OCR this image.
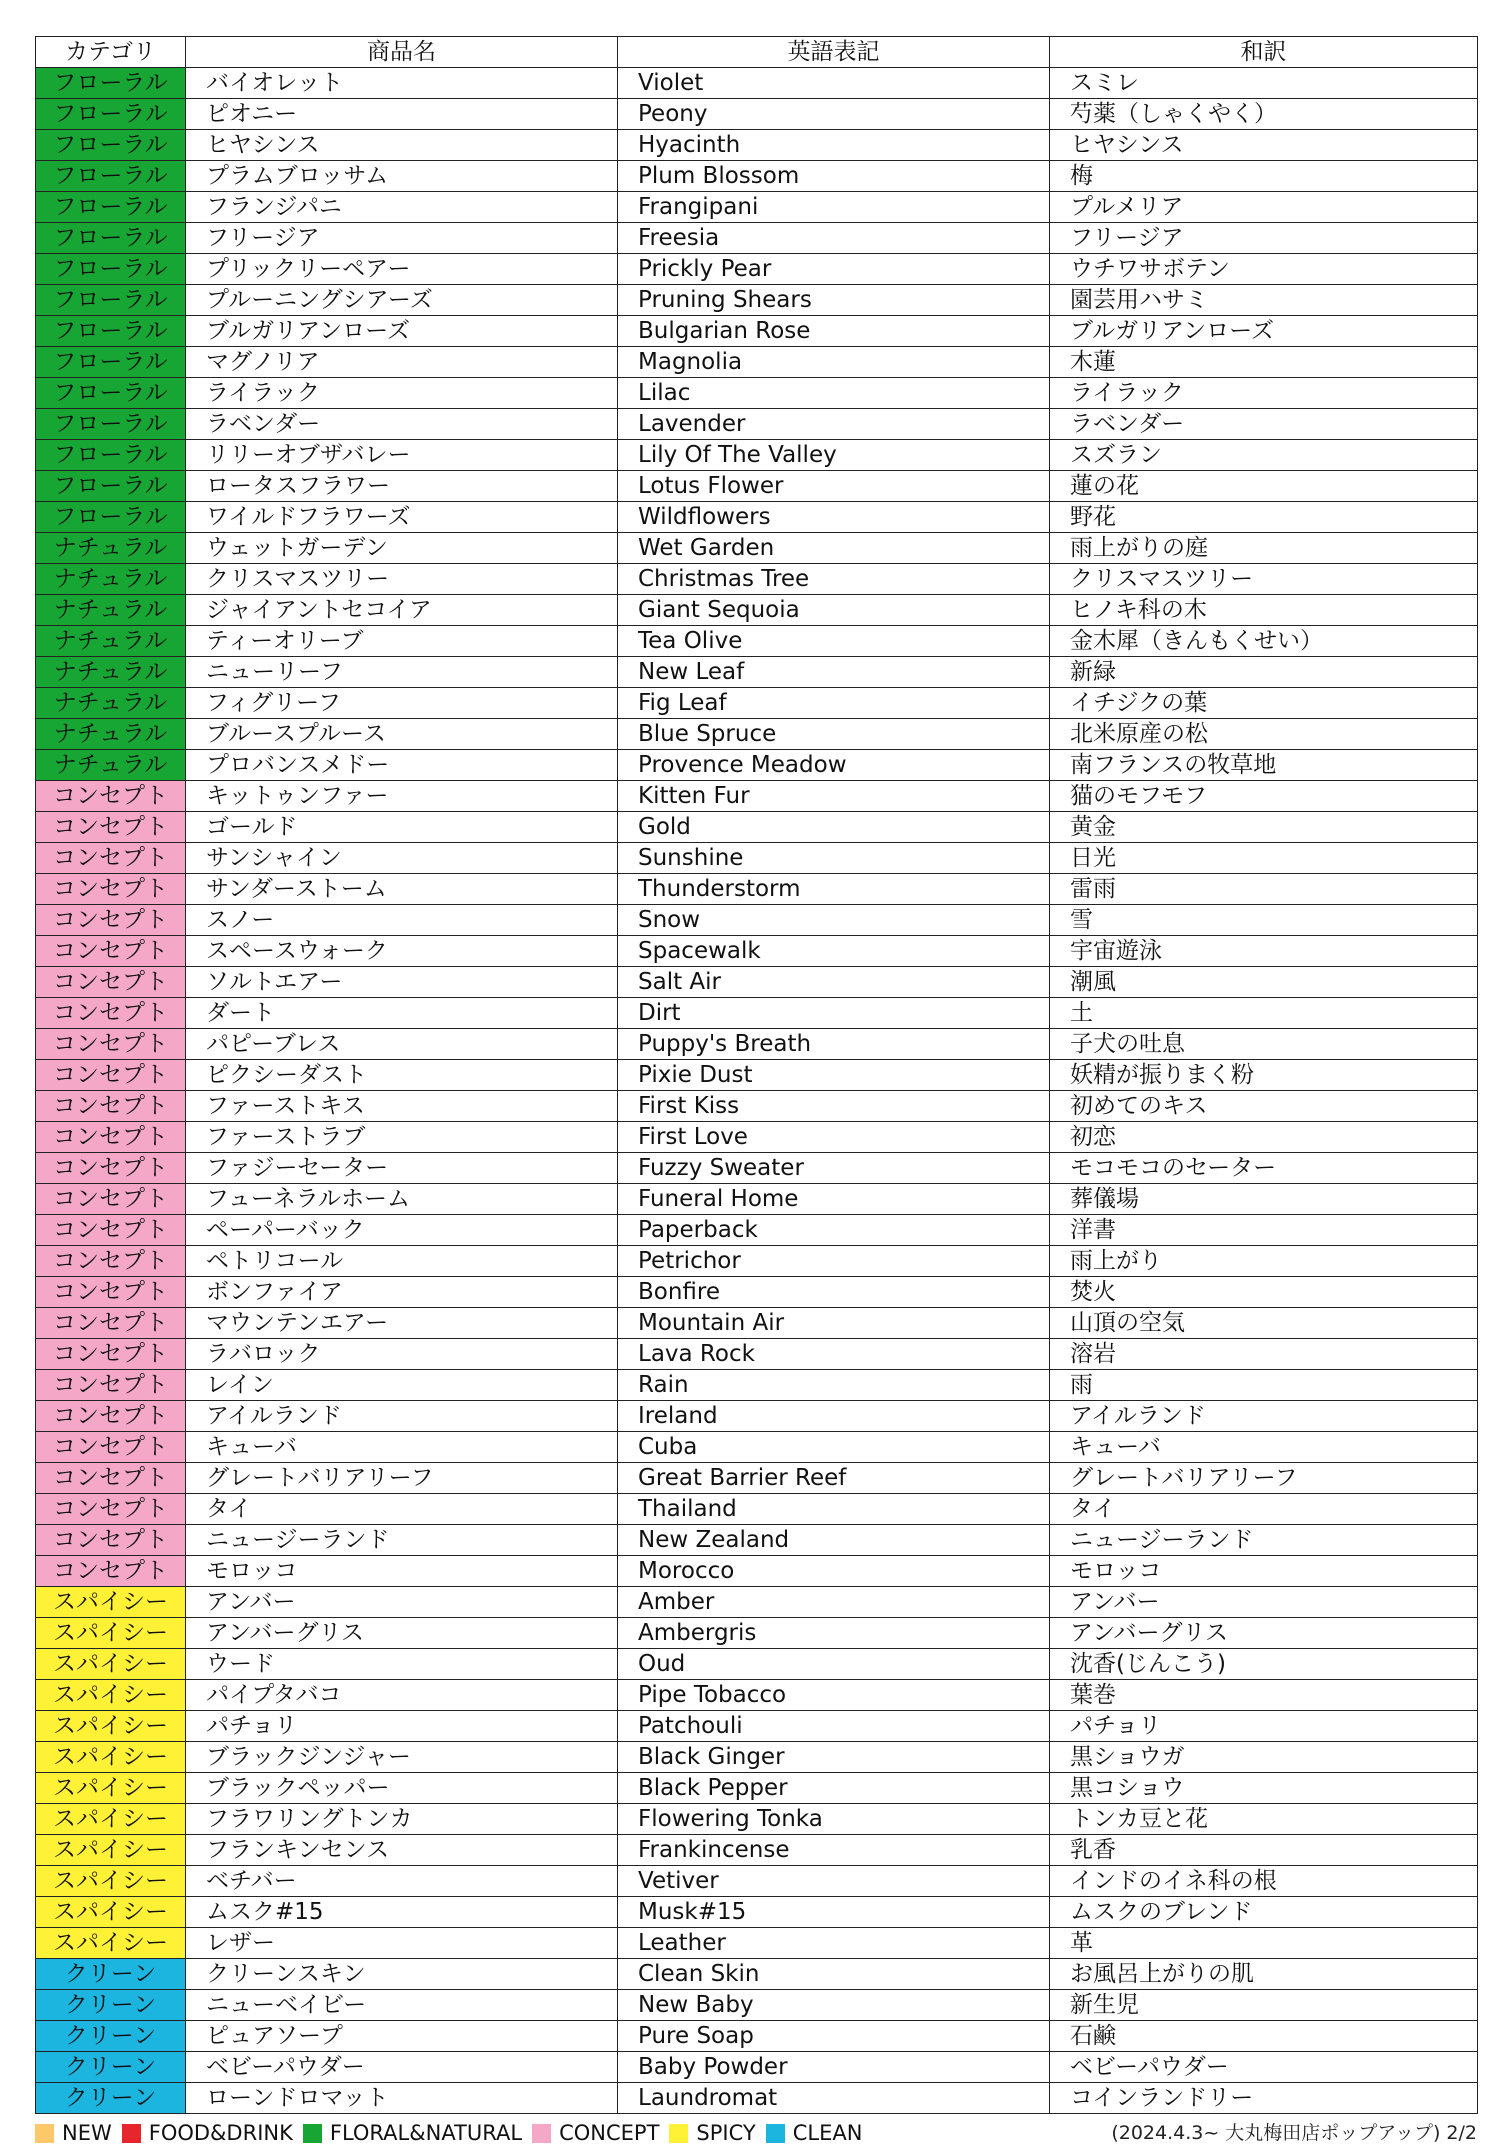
カテゴリ	商品名	英語表記	和訳
フローラル	バイオレット	Violet	スミレ
フローラル	ピオニー	Peony	芍薬（しゃくやく）
フローラル	ヒヤシンス	Hyacinth	ヒヤシンス
フローラル	プラムブロッサム	Plum Blossom	梅
フローラル	フランジパニ	Frangipani	プルメリア
フローラル	フリージア	Freesia	フリージア
フローラル	プリックリーペアー	Prickly Pear	ウチワサボテン
フローラル	プルーニングシアーズ	Pruning Shears	園芸用ハサミ
フローラル	ブルガリアンローズ	Bulgarian Rose	ブルガリアンローズ
フローラル	マグノリア	Magnolia	木蓮
フローラル	ライラック	Lilac	ライラック
フローラル	ラベンダー	Lavender	ラベンダー
フローラル	リリーオブザバレー	Lily Of The Valley	スズラン
フローラル	ロータスフラワー	Lotus Flower	蓮の花
フローラル	ワイルドフラワーズ	Wildflowers	野花
ナチュラル	ウェットガーデン	Wet Garden	雨上がりの庭
ナチュラル	クリスマスツリー	Christmas Tree	クリスマスツリー
ナチュラル	ジャイアントセコイア	Giant Sequoia	ヒノキ科の木
ナチュラル	ティーオリーブ	Tea Olive	金木犀（きんもくせい）
ナチュラル	ニューリーフ	New Leaf	新緑
ナチュラル	フィグリーフ	Fig Leaf	イチジクの葉
ナチュラル	ブルースプルース	Blue Spruce	北米原産の松
ナチュラル	プロバンスメドー	Provence Meadow	南フランスの牧草地
コンセプト	キットゥンファー	Kitten Fur	猫のモフモフ
コンセプト	ゴールド	Gold	黄金
コンセプト	サンシャイン	Sunshine	日光
コンセプト	サンダーストーム	Thunderstorm	雷雨
コンセプト	スノー	Snow	雪
コンセプト	スペースウォーク	Spacewalk	宇宙遊泳
コンセプト	ソルトエアー	Salt Air	潮風
コンセプト	ダート	Dirt	土
コンセプト	パピーブレス	Puppy's Breath	子犬の吐息
コンセプト	ピクシーダスト	Pixie Dust	妖精が振りまく粉
コンセプト	ファーストキス	First Kiss	初めてのキス
コンセプト	ファーストラブ	First Love	初恋
コンセプト	ファジーセーター	Fuzzy Sweater	モコモコのセーター
コンセプト	フューネラルホーム	Funeral Home	葬儀場
コンセプト	ペーパーバック	Paperback	洋書
コンセプト	ペトリコール	Petrichor	雨上がり
コンセプト	ボンファイア	Bonfire	焚火
コンセプト	マウンテンエアー	Mountain Air	山頂の空気
コンセプト	ラバロック	Lava Rock	溶岩
コンセプト	レイン	Rain	雨
コンセプト	アイルランド	Ireland	アイルランド
コンセプト	キューバ	Cuba	キューバ
コンセプト	グレートバリアリーフ	Great Barrier Reef	グレートバリアリーフ
コンセプト	タイ	Thailand	タイ
コンセプト	ニュージーランド	New Zealand	ニュージーランド
コンセプト	モロッコ	Morocco	モロッコ
スパイシー	アンバー	Amber	アンバー
スパイシー	アンバーグリス	Ambergris	アンバーグリス
スパイシー	ウード	Oud	沈香(じんこう)
スパイシー	パイプタバコ	Pipe Tobacco	葉巻
スパイシー	パチョリ	Patchouli	パチョリ
スパイシー	ブラックジンジャー	Black Ginger	黒ショウガ
スパイシー	ブラックペッパー	Black Pepper	黒コショウ
スパイシー	フラワリングトンカ	Flowering Tonka	トンカ豆と花
スパイシー	フランキンセンス	Frankincense	乳香
スパイシー	ベチバー	Vetiver	インドのイネ科の根
スパイシー	ムスク#15	Musk#15	ムスクのブレンド
スパイシー	レザー	Leather	革
クリーン	クリーンスキン	Clean Skin	お風呂上がりの肌
クリーン	ニューベイビー	New Baby	新生児
クリーン	ピュアソープ	Pure Soap	石鹸
クリーン	ベビーパウダー	Baby Powder	ベビーパウダー
クリーン	ローンドロマット	Laundromat	コインランドリー
NEW FOOD&DRINK FLORAL&NATURAL CONCEPT SPICY CLEAN	(2024.4.3~ 大丸梅田店ポップアップ) 2/2
